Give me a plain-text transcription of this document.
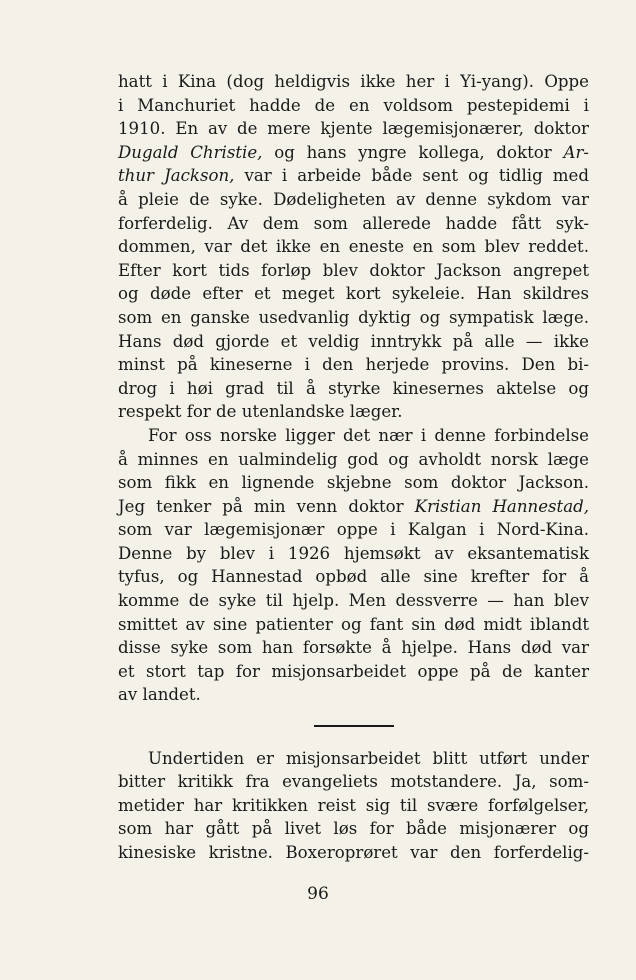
hatt i Kina (dog heldigvis ikke her i Yi-yang). Oppe
i Manchuriet hadde de en voldsom pestepidemi i
1910. En av de mere kjente lægemisjonærer, doktor
Dugald Christie, og hans yngre kollega, doktor Ar-
thur Jackson, var i arbeide både sent og tidlig med
å pleie de syke. Dødeligheten av denne sykdom var
forferdelig. Av dem som allerede hadde fått syk-
dommen, var det ikke en eneste en som blev reddet.
Efter kort tids forløp blev doktor Jackson angrepet
og døde efter et meget kort sykeleie. Han skildres
som en ganske usedvanlig dyktig og sympatisk læge.
Hans død gjorde et veldig inntrykk på alle — ikke
minst på kineserne i den herjede provins. Den bi-
drog i høi grad til å styrke kinesernes aktelse og
respekt for de utenlandske læger.
For oss norske ligger det nær i denne forbindelse
å minnes en ualmindelig god og avholdt norsk læge
som fikk en lignende skjebne som doktor Jackson.
Jeg tenker på min venn doktor Kristian Hannestad,
som var lægemisjonær oppe i Kalgan i Nord-Kina.
Denne by blev i 1926 hjemsøkt av eksantematisk
tyfus, og Hannestad opbød alle sine krefter for å
komme de syke til hjelp. Men dessverre — han blev
smittet av sine patienter og fant sin død midt iblandt
disse syke som han forsøkte å hjelpe. Hans død var
et stort tap for misjonsarbeidet oppe på de kanter
av landet.
Undertiden er misjonsarbeidet blitt utført under
bitter kritikk fra evangeliets motstandere. Ja, som-
metider har kritikken reist sig til svære forfølgelser,
som har gått på livet løs for både misjonærer og
kinesiske kristne. Boxeroprøret var den forferdelig-
96
